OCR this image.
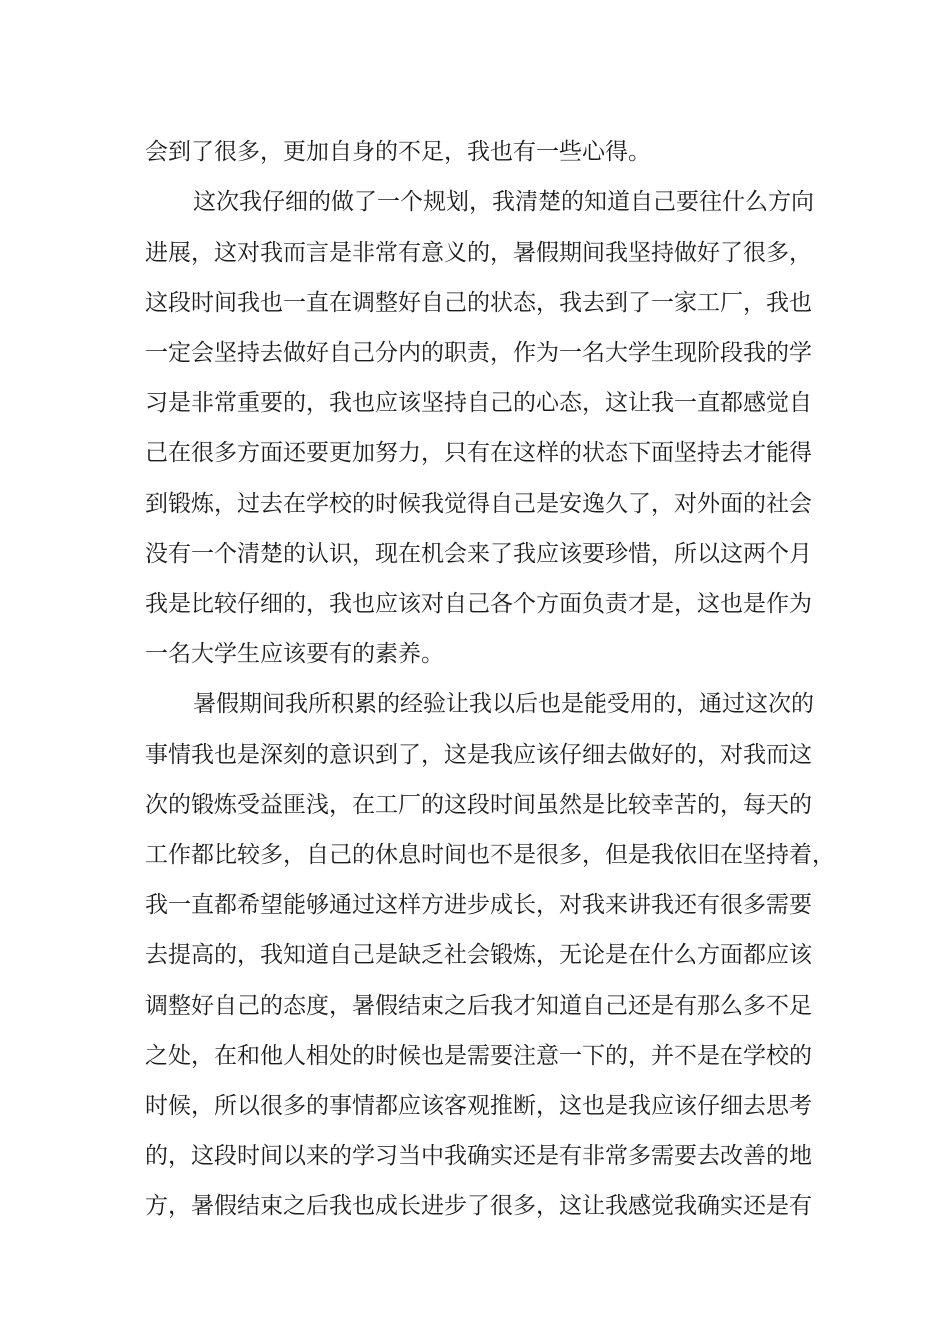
会到了很多，更加自身的不足，我也有一些心得。
这次我仔细的做了一个规划，我清楚的知道自己要往什么方向
进展，这对我而言是非常有意义的，暑假期间我坚持做好了很多，
这段时间我也一直在调整好自己的状态，我去到了一家工厂，我也
一定会坚持去做好自己分内的职责，作为一名大学生现阶段我的学
习是非常重要的，我也应该坚持自己的心态，这让我一直都感觉自
己在很多方面还要更加努力，只有在这样的状态下面坚持去才能得
到锻炼，过去在学校的时候我觉得自己是安逸久了，对外面的社会
没有一个清楚的认识，现在机会来了我应该要珍惜，所以这两个月
我是比较仔细的，我也应该对自己各个方面负责才是，这也是作为
一名大学生应该要有的素养。
暑假期间我所积累的经验让我以后也是能受用的，通过这次的
事情我也是深刻的意识到了，这是我应该仔细去做好的，对我而这
次的锻炼受益匪浅，在工厂的这段时间虽然是比较幸苦的，每天的
工作都比较多，自己的休息时间也不是很多，但是我依旧在坚持着，
我一直都希望能够通过这样方进步成长，对我来讲我还有很多需要
去提高的，我知道自己是缺乏社会锻炼，无论是在什么方面都应该
调整好自己的态度，暑假结束之后我才知道自己还是有那么多不足
之处，在和他人相处的时候也是需要注意一下的，并不是在学校的
时候，所以很多的事情都应该客观推断，这也是我应该仔细去思考
的，这段时间以来的学习当中我确实还是有非常多需要去改善的地
方，暑假结束之后我也成长进步了很多，这让我感觉我确实还是有
